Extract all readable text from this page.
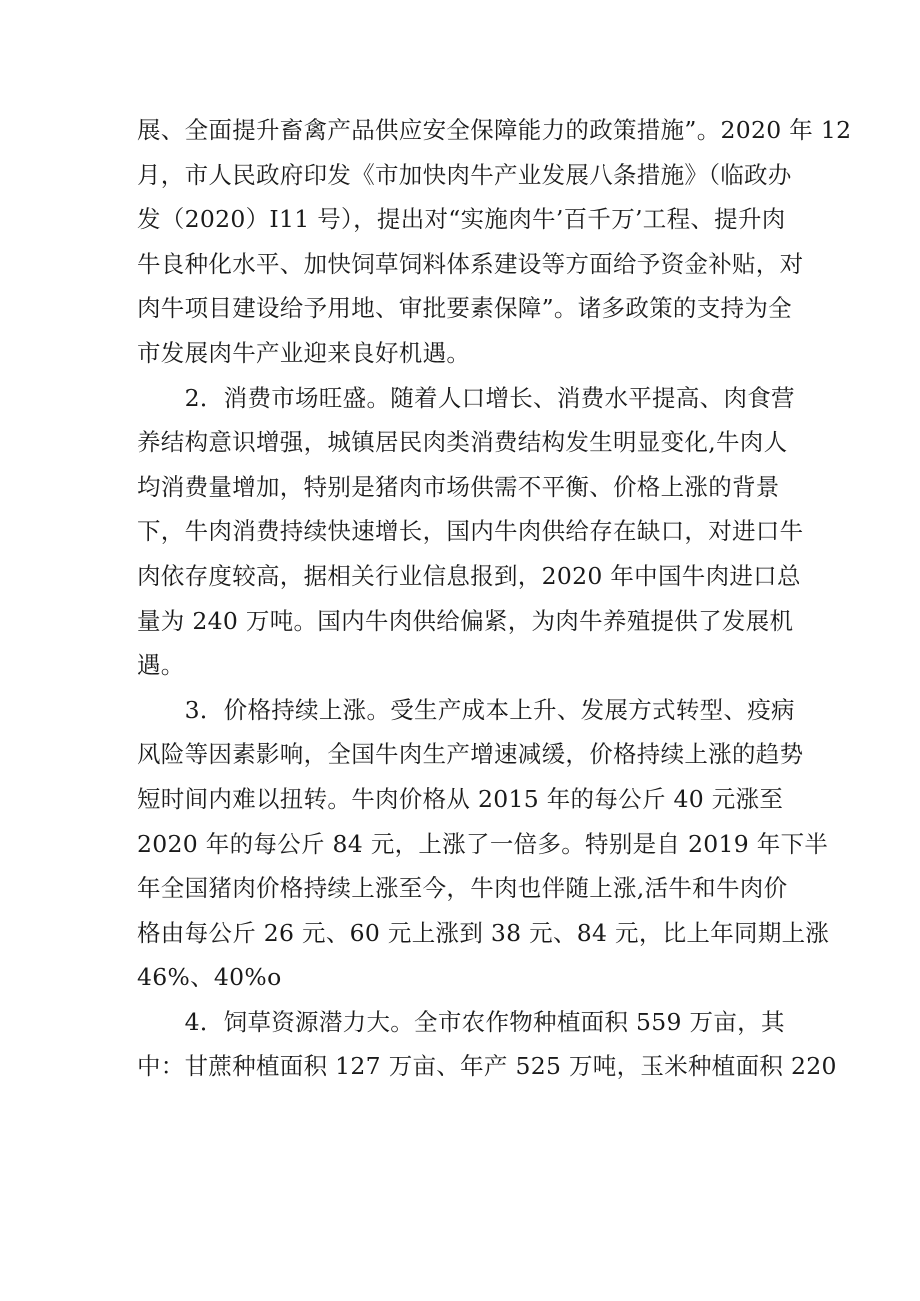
展、全面提升畜禽产品供应安全保障能力的政策措施”。2020 年 12
月，市人民政府印发《市加快肉牛产业发展八条措施》（临政办
发（2020）I11 号），提出对“实施肉牛’百千万’工程、提升肉
牛良种化水平、加快饲草饲料体系建设等方面给予资金补贴，对
肉牛项目建设给予用地、审批要素保障”。诸多政策的支持为全
市发展肉牛产业迎来良好机遇。
　　2．消费市场旺盛。随着人口增长、消费水平提高、肉食营
养结构意识增强，城镇居民肉类消费结构发生明显变化,牛肉人
均消费量增加，特别是猪肉市场供需不平衡、价格上涨的背景
下，牛肉消费持续快速增长，国内牛肉供给存在缺口，对进口牛
肉依存度较高，据相关行业信息报到，2020 年中国牛肉进口总
量为 240 万吨。国内牛肉供给偏紧，为肉牛养殖提供了发展机
遇。
　　3．价格持续上涨。受生产成本上升、发展方式转型、疫病
风险等因素影响，全国牛肉生产增速减缓，价格持续上涨的趋势
短时间内难以扭转。牛肉价格从 2015 年的每公斤 40 元涨至
2020 年的每公斤 84 元，上涨了一倍多。特别是自 2019 年下半
年全国猪肉价格持续上涨至今，牛肉也伴随上涨,活牛和牛肉价
格由每公斤 26 元、60 元上涨到 38 元、84 元，比上年同期上涨
46%、40%o
　　4．饲草资源潜力大。全市农作物种植面积 559 万亩，其
中：甘蔗种植面积 127 万亩、年产 525 万吨，玉米种植面积 220
